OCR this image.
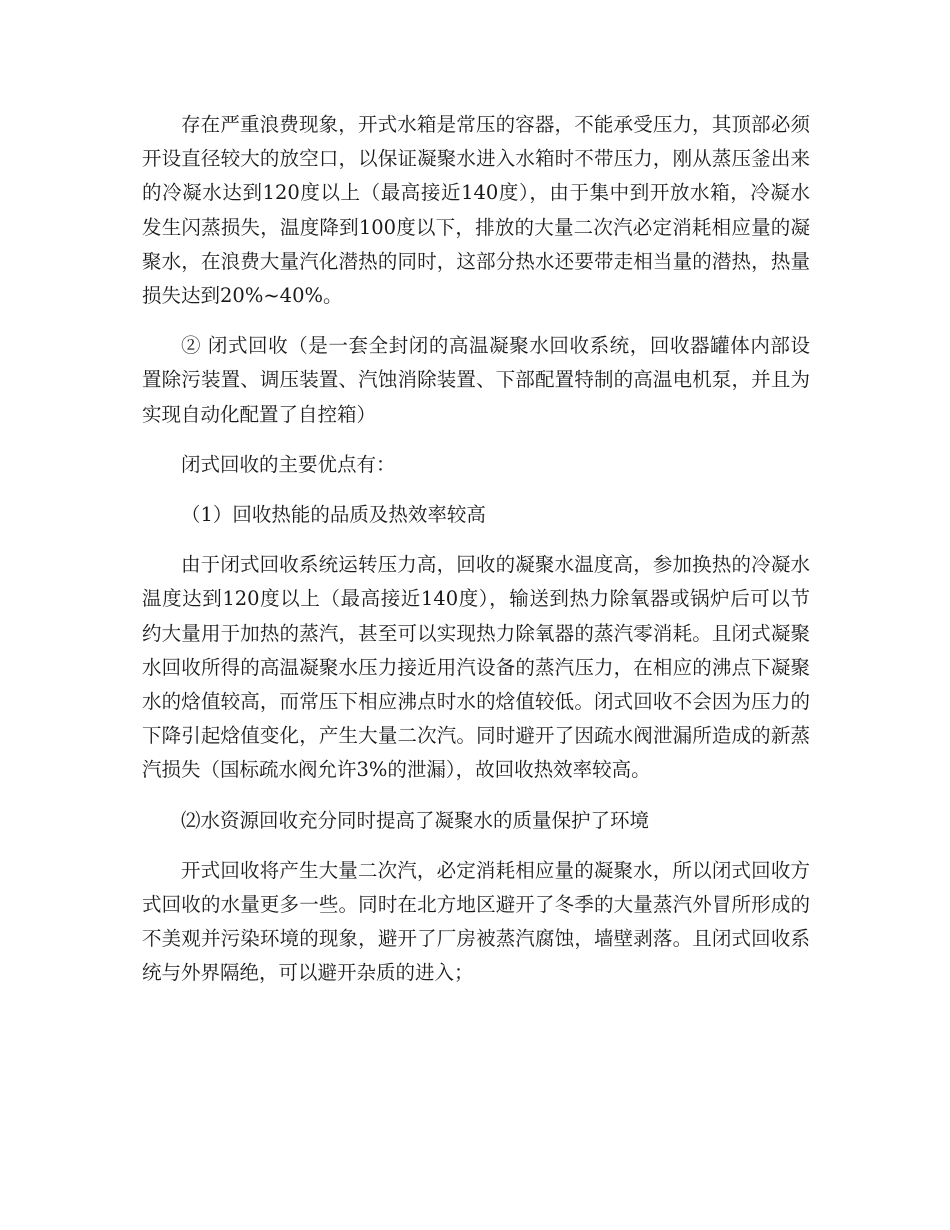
存在严重浪费现象，开式水箱是常压的容器，不能承受压力，其顶部必须开设直径较大的放空口，以保证凝聚水进入水箱时不带压力，刚从蒸压釜出来的冷凝水达到120度以上（最高接近140度），由于集中到开放水箱，冷凝水发生闪蒸损失，温度降到100度以下，排放的大量二次汽必定消耗相应量的凝聚水，在浪费大量汽化潜热的同时，这部分热水还要带走相当量的潜热，热量损失达到20%~40%。

② 闭式回收（是一套全封闭的高温凝聚水回收系统，回收器罐体内部设置除污装置、调压装置、汽蚀消除装置、下部配置特制的高温电机泵，并且为实现自动化配置了自控箱）

闭式回收的主要优点有：

（1）回收热能的品质及热效率较高

由于闭式回收系统运转压力高，回收的凝聚水温度高，参加换热的冷凝水温度达到120度以上（最高接近140度），输送到热力除氧器或锅炉后可以节约大量用于加热的蒸汽，甚至可以实现热力除氧器的蒸汽零消耗。且闭式凝聚水回收所得的高温凝聚水压力接近用汽设备的蒸汽压力，在相应的沸点下凝聚水的焓值较高，而常压下相应沸点时水的焓值较低。闭式回收不会因为压力的下降引起焓值变化，产生大量二次汽。同时避开了因疏水阀泄漏所造成的新蒸汽损失（国标疏水阀允许3%的泄漏），故回收热效率较高。

⑵水资源回收充分同时提高了凝聚水的质量保护了环境

开式回收将产生大量二次汽，必定消耗相应量的凝聚水，所以闭式回收方式回收的水量更多一些。同时在北方地区避开了冬季的大量蒸汽外冒所形成的不美观并污染环境的现象，避开了厂房被蒸汽腐蚀，墙壁剥落。且闭式回收系统与外界隔绝，可以避开杂质的进入；
